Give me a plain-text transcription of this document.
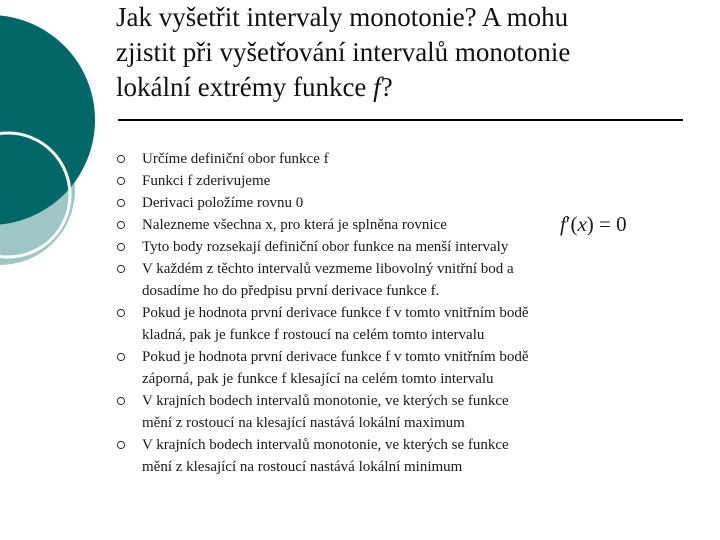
Jak vyšetřit intervaly monotonie? A mohu
zjistit při vyšetřování intervalů monotonie
lokální extrémy funkce f?
Určíme definiční obor funkce f
Funkci f zderivujeme
Derivaci položíme rovnu 0
Nalezneme všechna x, pro která je splněna rovnice
Tyto body rozsekají definiční obor funkce na menší intervaly
V každém z těchto intervalů vezmeme libovolný vnitřní bod a
dosadíme ho do předpisu první derivace funkce f.
Pokud je hodnota první derivace funkce f v tomto vnitřním bodě
kladná, pak je funkce f rostoucí na celém tomto intervalu
Pokud je hodnota první derivace funkce f v tomto vnitřním bodě
záporná, pak je funkce f klesající na celém tomto intervalu
V krajních bodech intervalů monotonie, ve kterých se funkce
mění z rostoucí na klesající nastává lokální maximum
V krajních bodech intervalů monotonie, ve kterých se funkce
mění z klesající na rostoucí nastává lokální minimum
f′(x) = 0
